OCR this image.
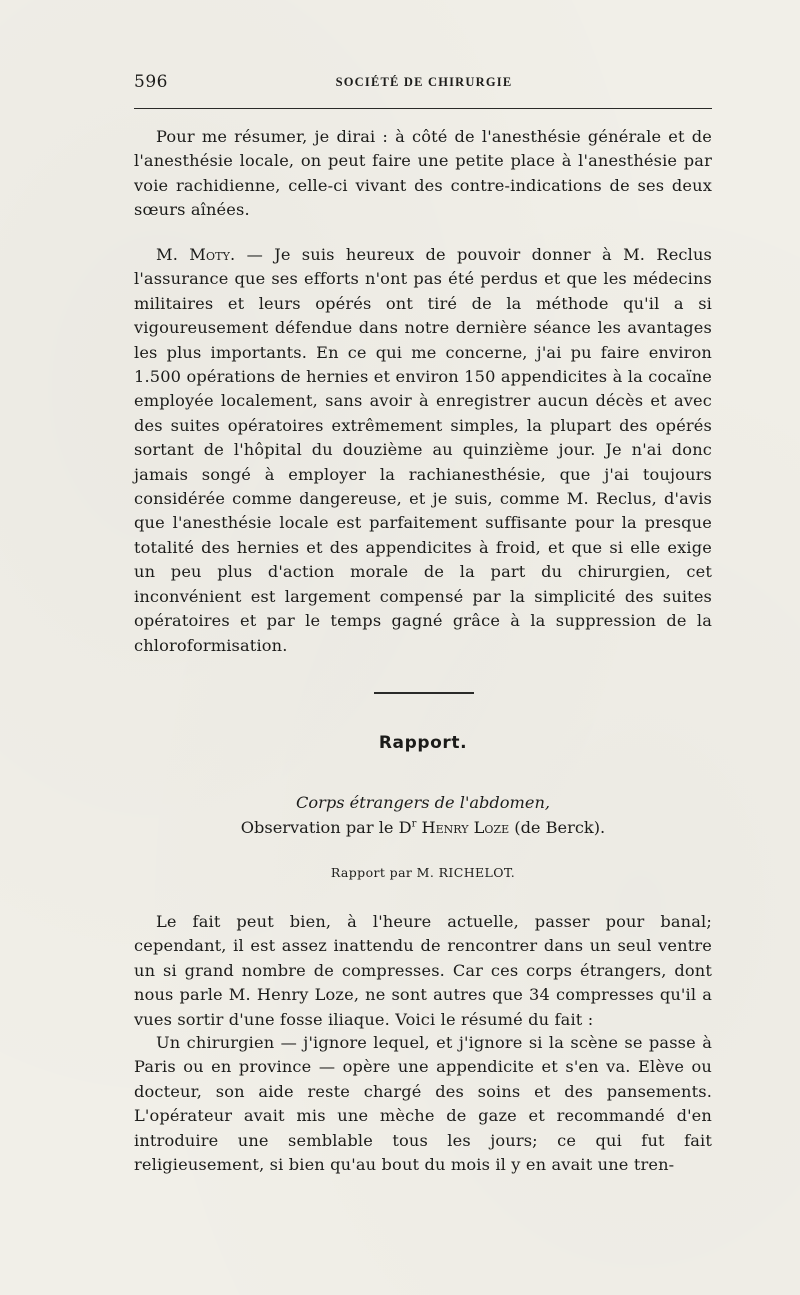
596	SOCIÉTÉ DE CHIRURGIE

Pour me résumer, je dirai : à côté de l'anesthésie générale et de l'anesthésie locale, on peut faire une petite place à l'anesthésie par voie rachidienne, celle-ci vivant des contre-indications de ses deux sœurs aînées.

M. Moty. — Je suis heureux de pouvoir donner à M. Reclus l'assurance que ses efforts n'ont pas été perdus et que les médecins militaires et leurs opérés ont tiré de la méthode qu'il a si vigoureusement défendue dans notre dernière séance les avantages les plus importants. En ce qui me concerne, j'ai pu faire environ 1.500 opérations de hernies et environ 150 appendicites à la cocaïne employée localement, sans avoir à enregistrer aucun décès et avec des suites opératoires extrêmement simples, la plupart des opérés sortant de l'hôpital du douzième au quinzième jour. Je n'ai donc jamais songé à employer la rachianesthésie, que j'ai toujours considérée comme dangereuse, et je suis, comme M. Reclus, d'avis que l'anesthésie locale est parfaitement suffisante pour la presque totalité des hernies et des appendicites à froid, et que si elle exige un peu plus d'action morale de la part du chirurgien, cet inconvénient est largement compensé par la simplicité des suites opératoires et par le temps gagné grâce à la suppression de la chloroformisation.

Rapport.
Corps étrangers de l'abdomen,
Observation par le $D^r$ Henry Loze (de Berck).
Rapport par M. RICHELOT.

Le fait peut bien, à l'heure actuelle, passer pour banal; cependant, il est assez inattendu de rencontrer dans un seul ventre un si grand nombre de compresses. Car ces corps étrangers, dont nous parle M. Henry Loze, ne sont autres que 34 compresses qu'il a vues sortir d'une fosse iliaque. Voici le résumé du fait :

Un chirurgien — j'ignore lequel, et j'ignore si la scène se passe à Paris ou en province — opère une appendicite et s'en va. Elève ou docteur, son aide reste chargé des soins et des pansements. L'opérateur avait mis une mèche de gaze et recommandé d'en introduire une semblable tous les jours; ce qui fut fait religieusement, si bien qu'au bout du mois il y en avait une tren-
